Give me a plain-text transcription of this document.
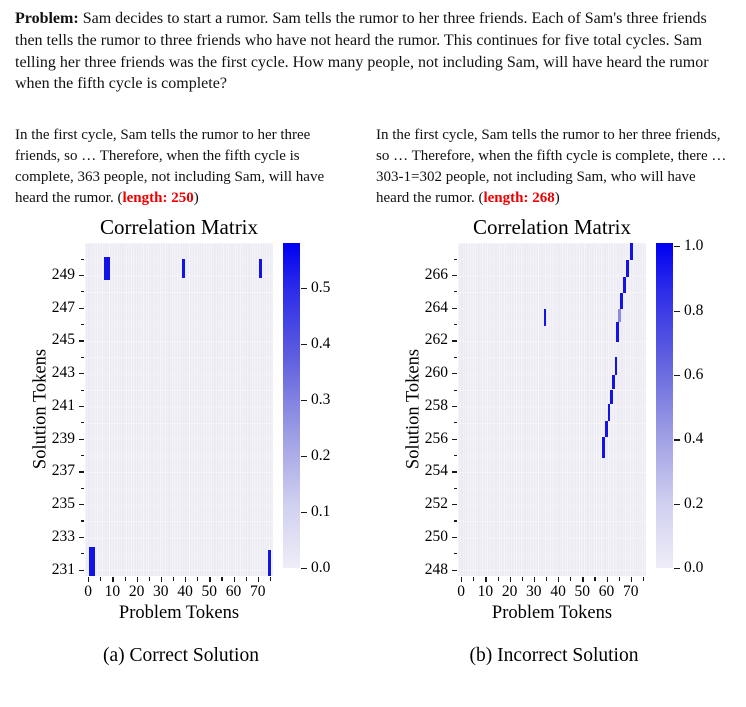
Problem: Sam decides to start a rumor. Sam tells the rumor to her three friends. Each of Sam's three friends then tells the rumor to three friends who have not heard the rumor. This continues for five total cycles. Sam telling her three friends was the first cycle. How many people, not including Sam, will have heard the rumor when the fifth cycle is complete?
In the first cycle, Sam tells the rumor to her three friends, so … Therefore, when the fifth cycle is complete, 363 people, not including Sam, will have heard the rumor. (length: 250)
In the first cycle, Sam tells the rumor to her three friends, so … Therefore, when the fifth cycle is complete, there … 303-1=302 people, not including Sam, who will have heard the rumor. (length: 268)
Correlation Matrix
Solution Tokens
Problem Tokens
(a) Correct Solution
0 10 20 30 40 50 60 70
249
247
245
243
241
239
237
235
233
231
0.5
0.4
0.3
0.2
0.1
0.0
Correlation Matrix
Solution Tokens
Problem Tokens
(b) Incorrect Solution
0 10 20 30 40 50 60 70
266
264
262
260
258
256
254
252
250
248
1.0
0.8
0.6
0.4
0.2
0.0
